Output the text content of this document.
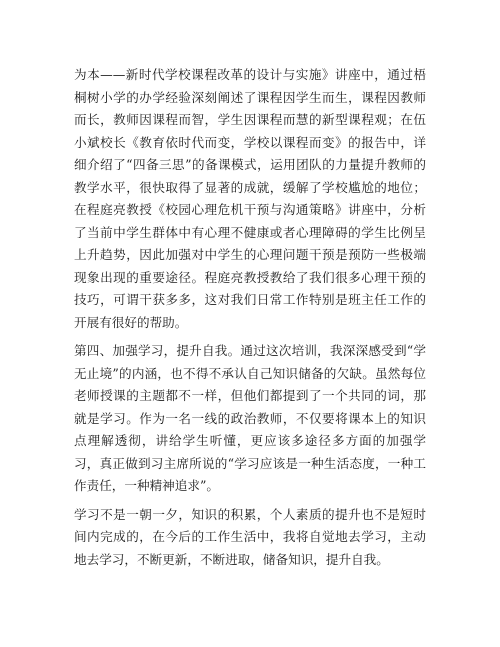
为本——新时代学校课程改革的设计与实施》讲座中，通过梧桐树小学的办学经验深刻阐述了课程因学生而生，课程因教师而长，教师因课程而智，学生因课程而慧的新型课程观；在伍小斌校长《教育依时代而变，学校以课程而变》的报告中，详细介绍了“四备三思”的备课模式，运用团队的力量提升教师的教学水平，很快取得了显著的成就，缓解了学校尴尬的地位；在程庭亮教授《校园心理危机干预与沟通策略》讲座中，分析了当前中学生群体中有心理不健康或者心理障碍的学生比例呈上升趋势，因此加强对中学生的心理问题干预是预防一些极端现象出现的重要途径。程庭亮教授教给了我们很多心理干预的技巧，可谓干获多多，这对我们日常工作特别是班主任工作的开展有很好的帮助。

第四、加强学习，提升自我。通过这次培训，我深深感受到“学无止境”的内涵，也不得不承认自己知识储备的欠缺。虽然每位老师授课的主题都不一样，但他们都提到了一个共同的词，那就是学习。作为一名一线的政治教师，不仅要将课本上的知识点理解透彻，讲给学生听懂，更应该多途径多方面的加强学习，真正做到习主席所说的“学习应该是一种生活态度，一种工作责任，一种精神追求”。

学习不是一朝一夕，知识的积累，个人素质的提升也不是短时间内完成的，在今后的工作生活中，我将自觉地去学习，主动地去学习，不断更新，不断进取，储备知识，提升自我。
